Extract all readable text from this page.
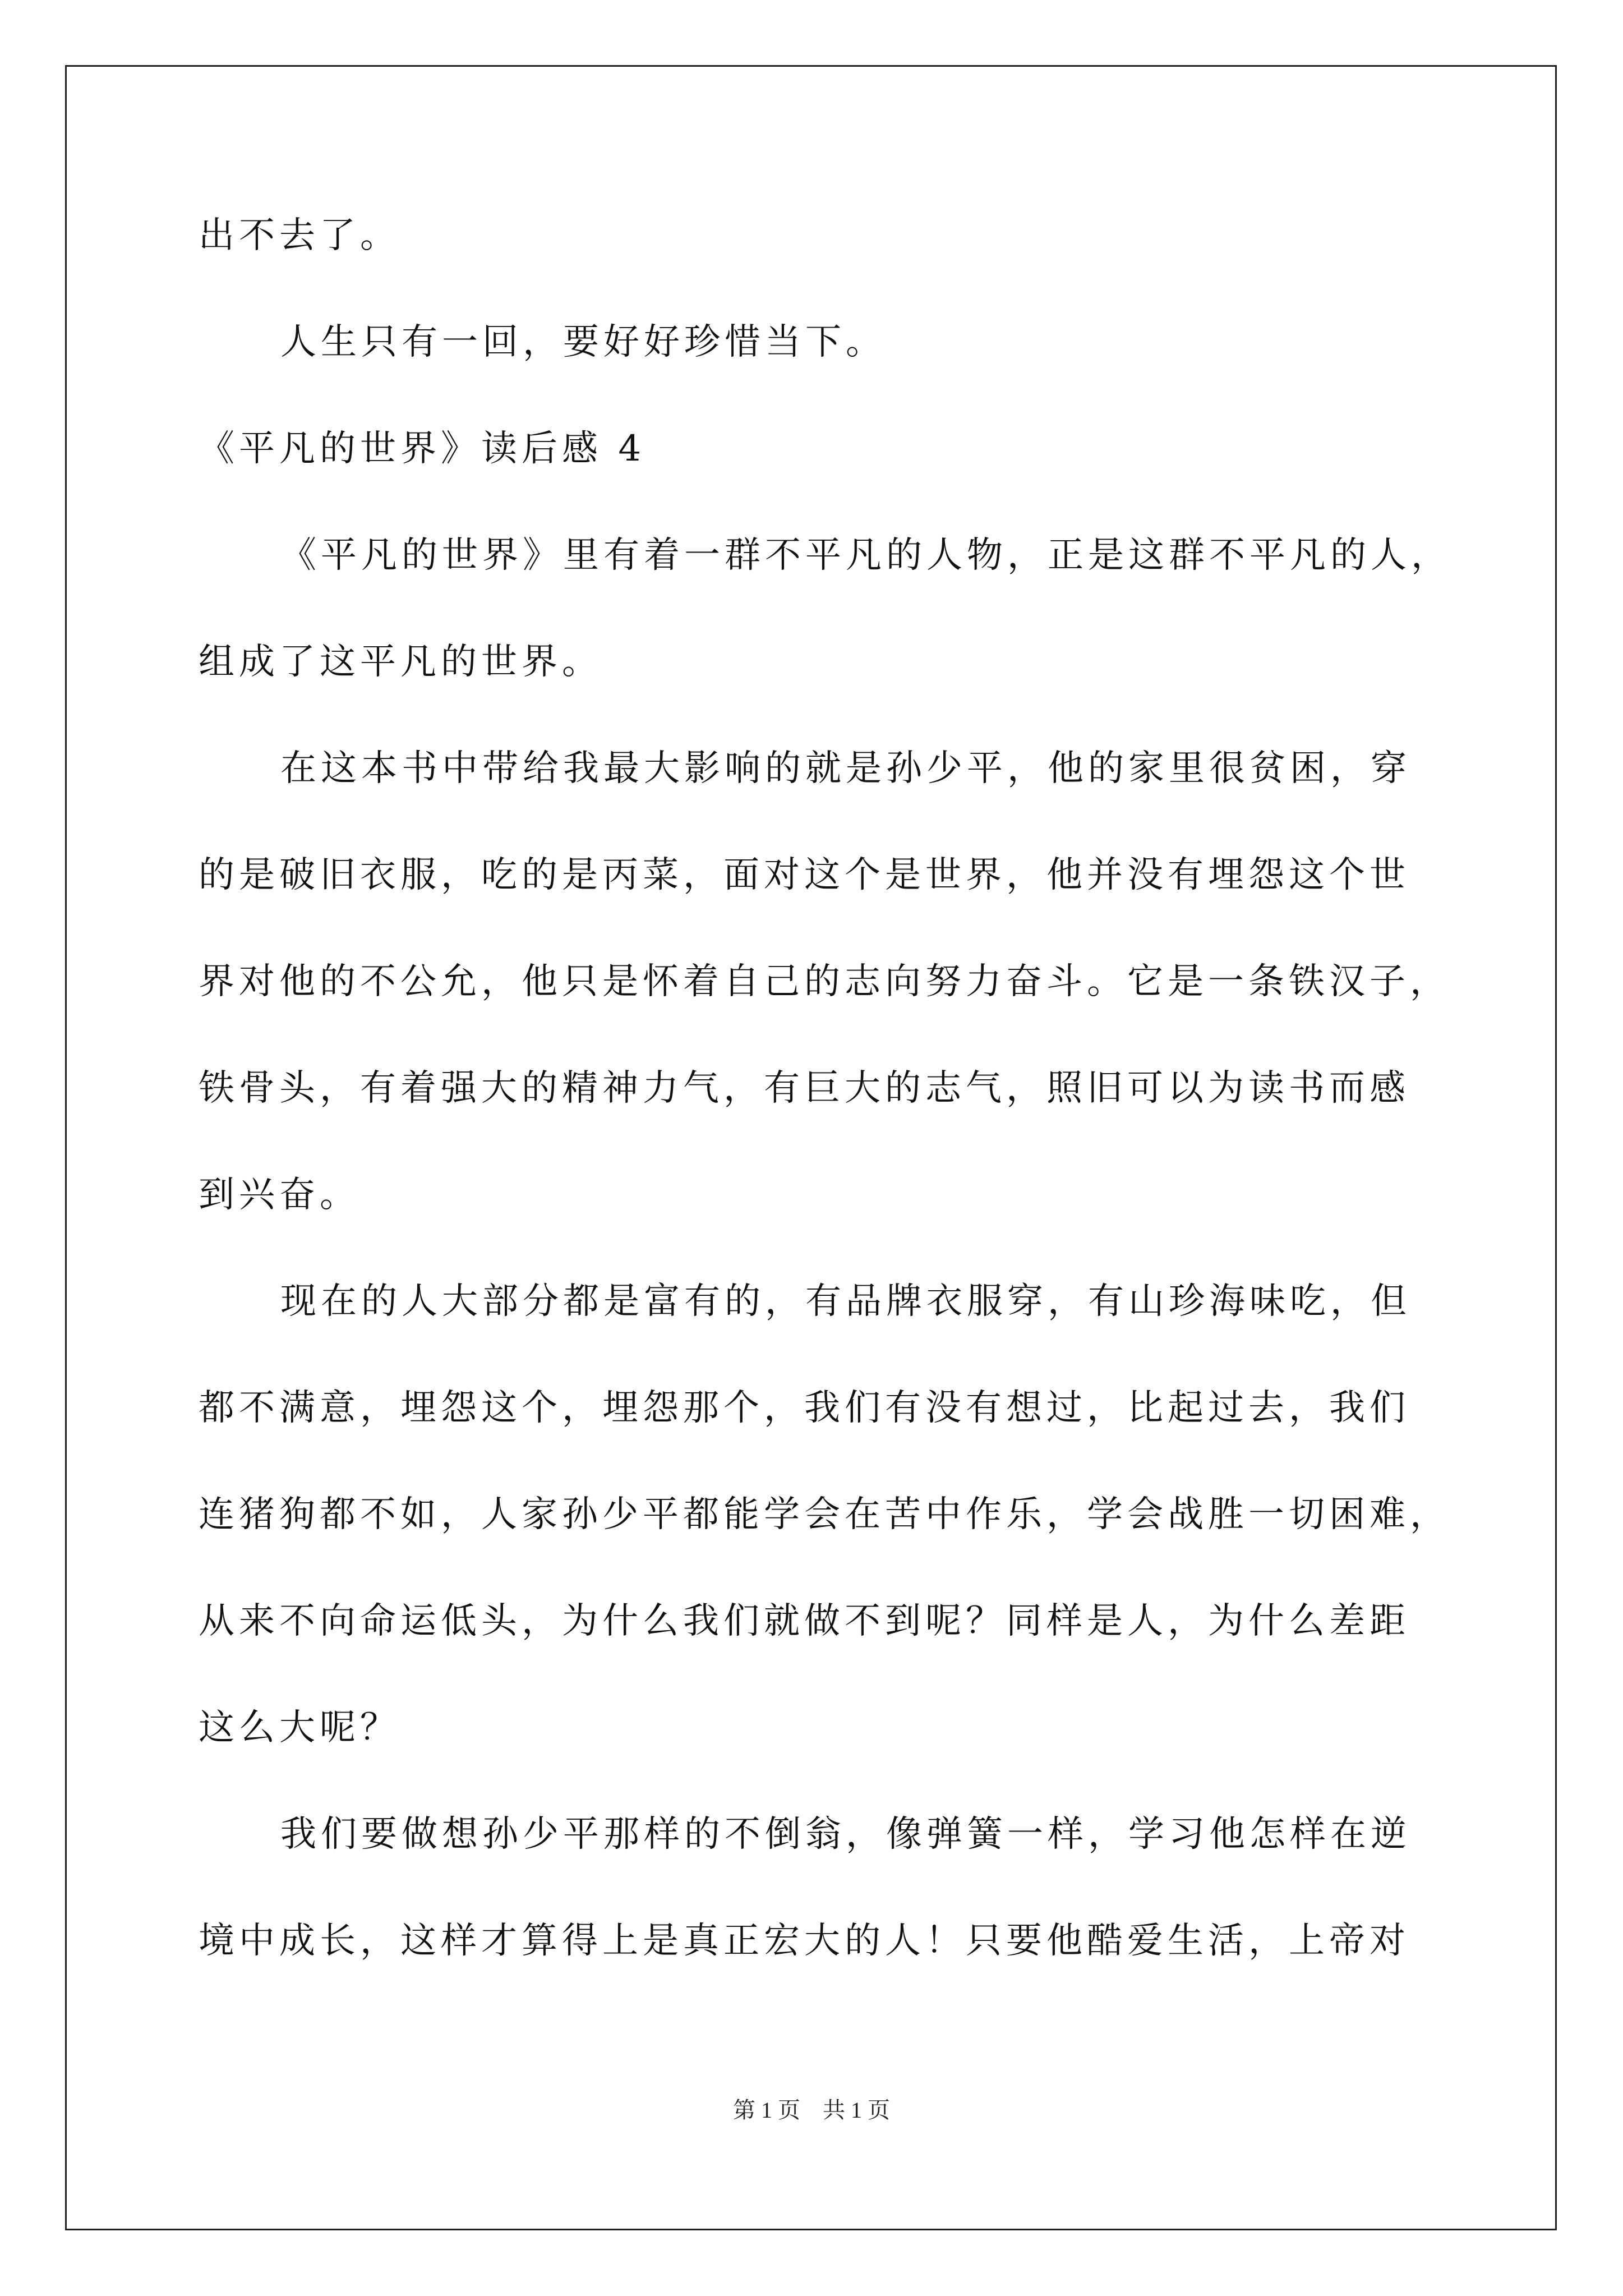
出不去了。
人生只有一回，要好好珍惜当下。
《平凡的世界》读后感 4
《平凡的世界》里有着一群不平凡的人物，正是这群不平凡的人，
组成了这平凡的世界。
在这本书中带给我最大影响的就是孙少平，他的家里很贫困，穿
的是破旧衣服，吃的是丙菜，面对这个是世界，他并没有埋怨这个世
界对他的不公允，他只是怀着自己的志向努力奋斗。它是一条铁汉子，
铁骨头，有着强大的精神力气，有巨大的志气，照旧可以为读书而感
到兴奋。
现在的人大部分都是富有的，有品牌衣服穿，有山珍海味吃，但
都不满意，埋怨这个，埋怨那个，我们有没有想过，比起过去，我们
连猪狗都不如，人家孙少平都能学会在苦中作乐，学会战胜一切困难，
从来不向命运低头，为什么我们就做不到呢？同样是人，为什么差距
这么大呢？
我们要做想孙少平那样的不倒翁，像弹簧一样，学习他怎样在逆
境中成长，这样才算得上是真正宏大的人！只要他酷爱生活，上帝对
第 1 页　共 1 页
